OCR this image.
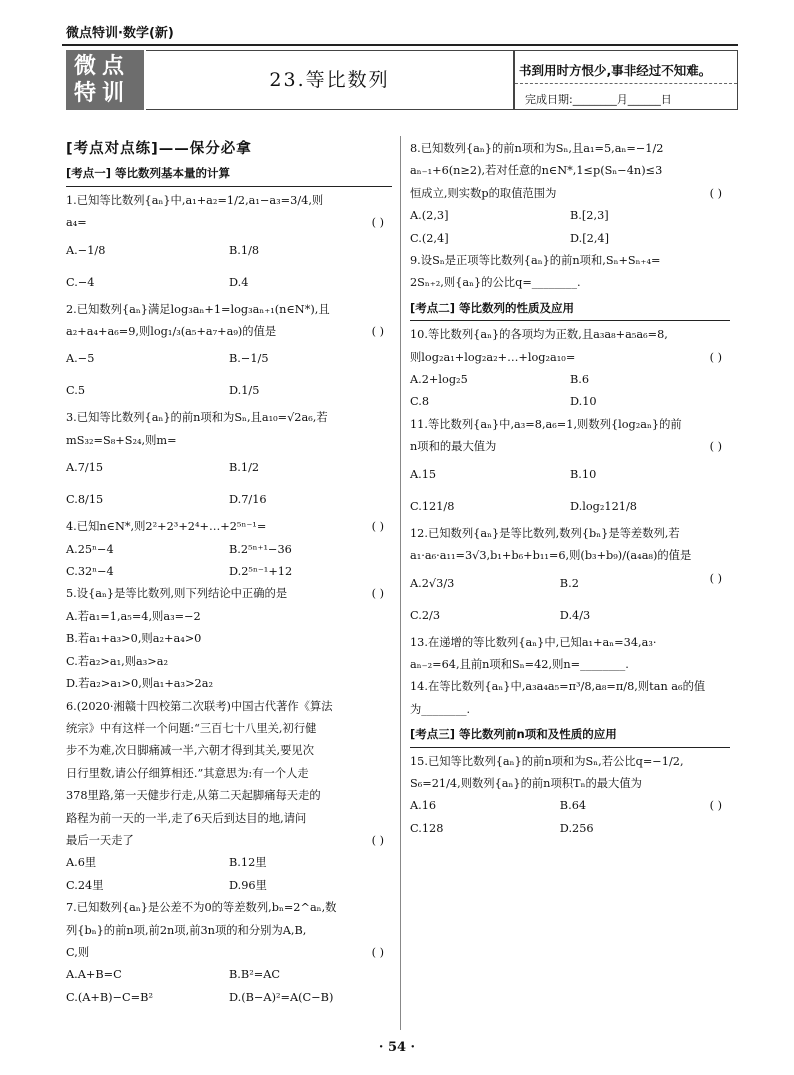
微点特训·数学(新)
微点
特训
23.等比数列	书到用时方恨少,事非经过不知难。
完成日期:________月______日
[考点对点练]——保分必拿
[考点一] 等比数列基本量的计算
1.已知等比数列{aₙ}中,a₁+a₂=1/2,a₁−a₃=3/4,则
a₄=	( )
A.−1/8	B.1/8
C.−4	D.4
2.已知数列{aₙ}满足log₃aₙ+1=log₃aₙ₊₁(n∈N*),且
a₂+a₄+a₆=9,则log₁/₃(a₅+a₇+a₉)的值是	( )
A.−5	B.−1/5
C.5	D.1/5
3.已知等比数列{aₙ}的前n项和为Sₙ,且a₁₀=√2a₆,若
mS₃₂=S₈+S₂₄,则m=
A.7/15	B.1/2
C.8/15	D.7/16
4.已知n∈N*,则2²+2³+2⁴+…+2⁵ⁿ⁻¹=	( )
A.25ⁿ−4	B.2⁵ⁿ⁺¹−36
C.32ⁿ−4	D.2⁵ⁿ⁻¹+12
5.设{aₙ}是等比数列,则下列结论中正确的是	( )
A.若a₁=1,a₅=4,则a₃=−2
B.若a₁+a₃>0,则a₂+a₄>0
C.若a₂>a₁,则a₃>a₂
D.若a₂>a₁>0,则a₁+a₃>2a₂
6.(2020·湘赣十四校第二次联考)中国古代著作《算法
统宗》中有这样一个问题:“三百七十八里关,初行健
步不为难,次日脚痛减一半,六朝才得到其关,要见次
日行里数,请公仔细算相还.”其意思为:有一个人走
378里路,第一天健步行走,从第二天起脚痛每天走的
路程为前一天的一半,走了6天后到达目的地,请问
最后一天走了	( )
A.6里	B.12里
C.24里	D.96里
7.已知数列{aₙ}是公差不为0的等差数列,bₙ=2^aₙ,数
列{bₙ}的前n项,前2n项,前3n项的和分别为A,B,
C,则	( )
A.A+B=C	B.B²=AC
C.(A+B)−C=B²	D.(B−A)²=A(C−B)
8.已知数列{aₙ}的前n项和为Sₙ,且a₁=5,aₙ=−1/2
aₙ₋₁+6(n≥2),若对任意的n∈N*,1≤p(Sₙ−4n)≤3
恒成立,则实数p的取值范围为	( )
A.(2,3]	B.[2,3]
C.(2,4]	D.[2,4]
9.设Sₙ是正项等比数列{aₙ}的前n项和,Sₙ+Sₙ₊₄=
2Sₙ₊₂,则{aₙ}的公比q=________.
[考点二] 等比数列的性质及应用
10.等比数列{aₙ}的各项均为正数,且a₃a₈+a₅a₆=8,
则log₂a₁+log₂a₂+…+log₂a₁₀=	( )
A.2+log₂5	B.6
C.8	D.10
11.等比数列{aₙ}中,a₃=8,a₆=1,则数列{log₂aₙ}的前
n项和的最大值为	( )
A.15	B.10
C.121/8	D.log₂121/8
12.已知数列{aₙ}是等比数列,数列{bₙ}是等差数列,若
a₁·a₆·a₁₁=3√3,b₁+b₆+b₁₁=6,则(b₃+b₉)/(a₄a₈)的值是
( )
A.2√3/3	B.2
C.2/3	D.4/3
13.在递增的等比数列{aₙ}中,已知a₁+aₙ=34,a₃·
aₙ₋₂=64,且前n项和Sₙ=42,则n=________.
14.在等比数列{aₙ}中,a₃a₄a₅=π³/8,a₈=π/8,则tan a₆的值
为________.
[考点三] 等比数列前n项和及性质的应用
15.已知等比数列{aₙ}的前n项和为Sₙ,若公比q=−1/2,
S₆=21/4,则数列{aₙ}的前n项积Tₙ的最大值为
( )
A.16	B.64
C.128	D.256
· 54 ·
